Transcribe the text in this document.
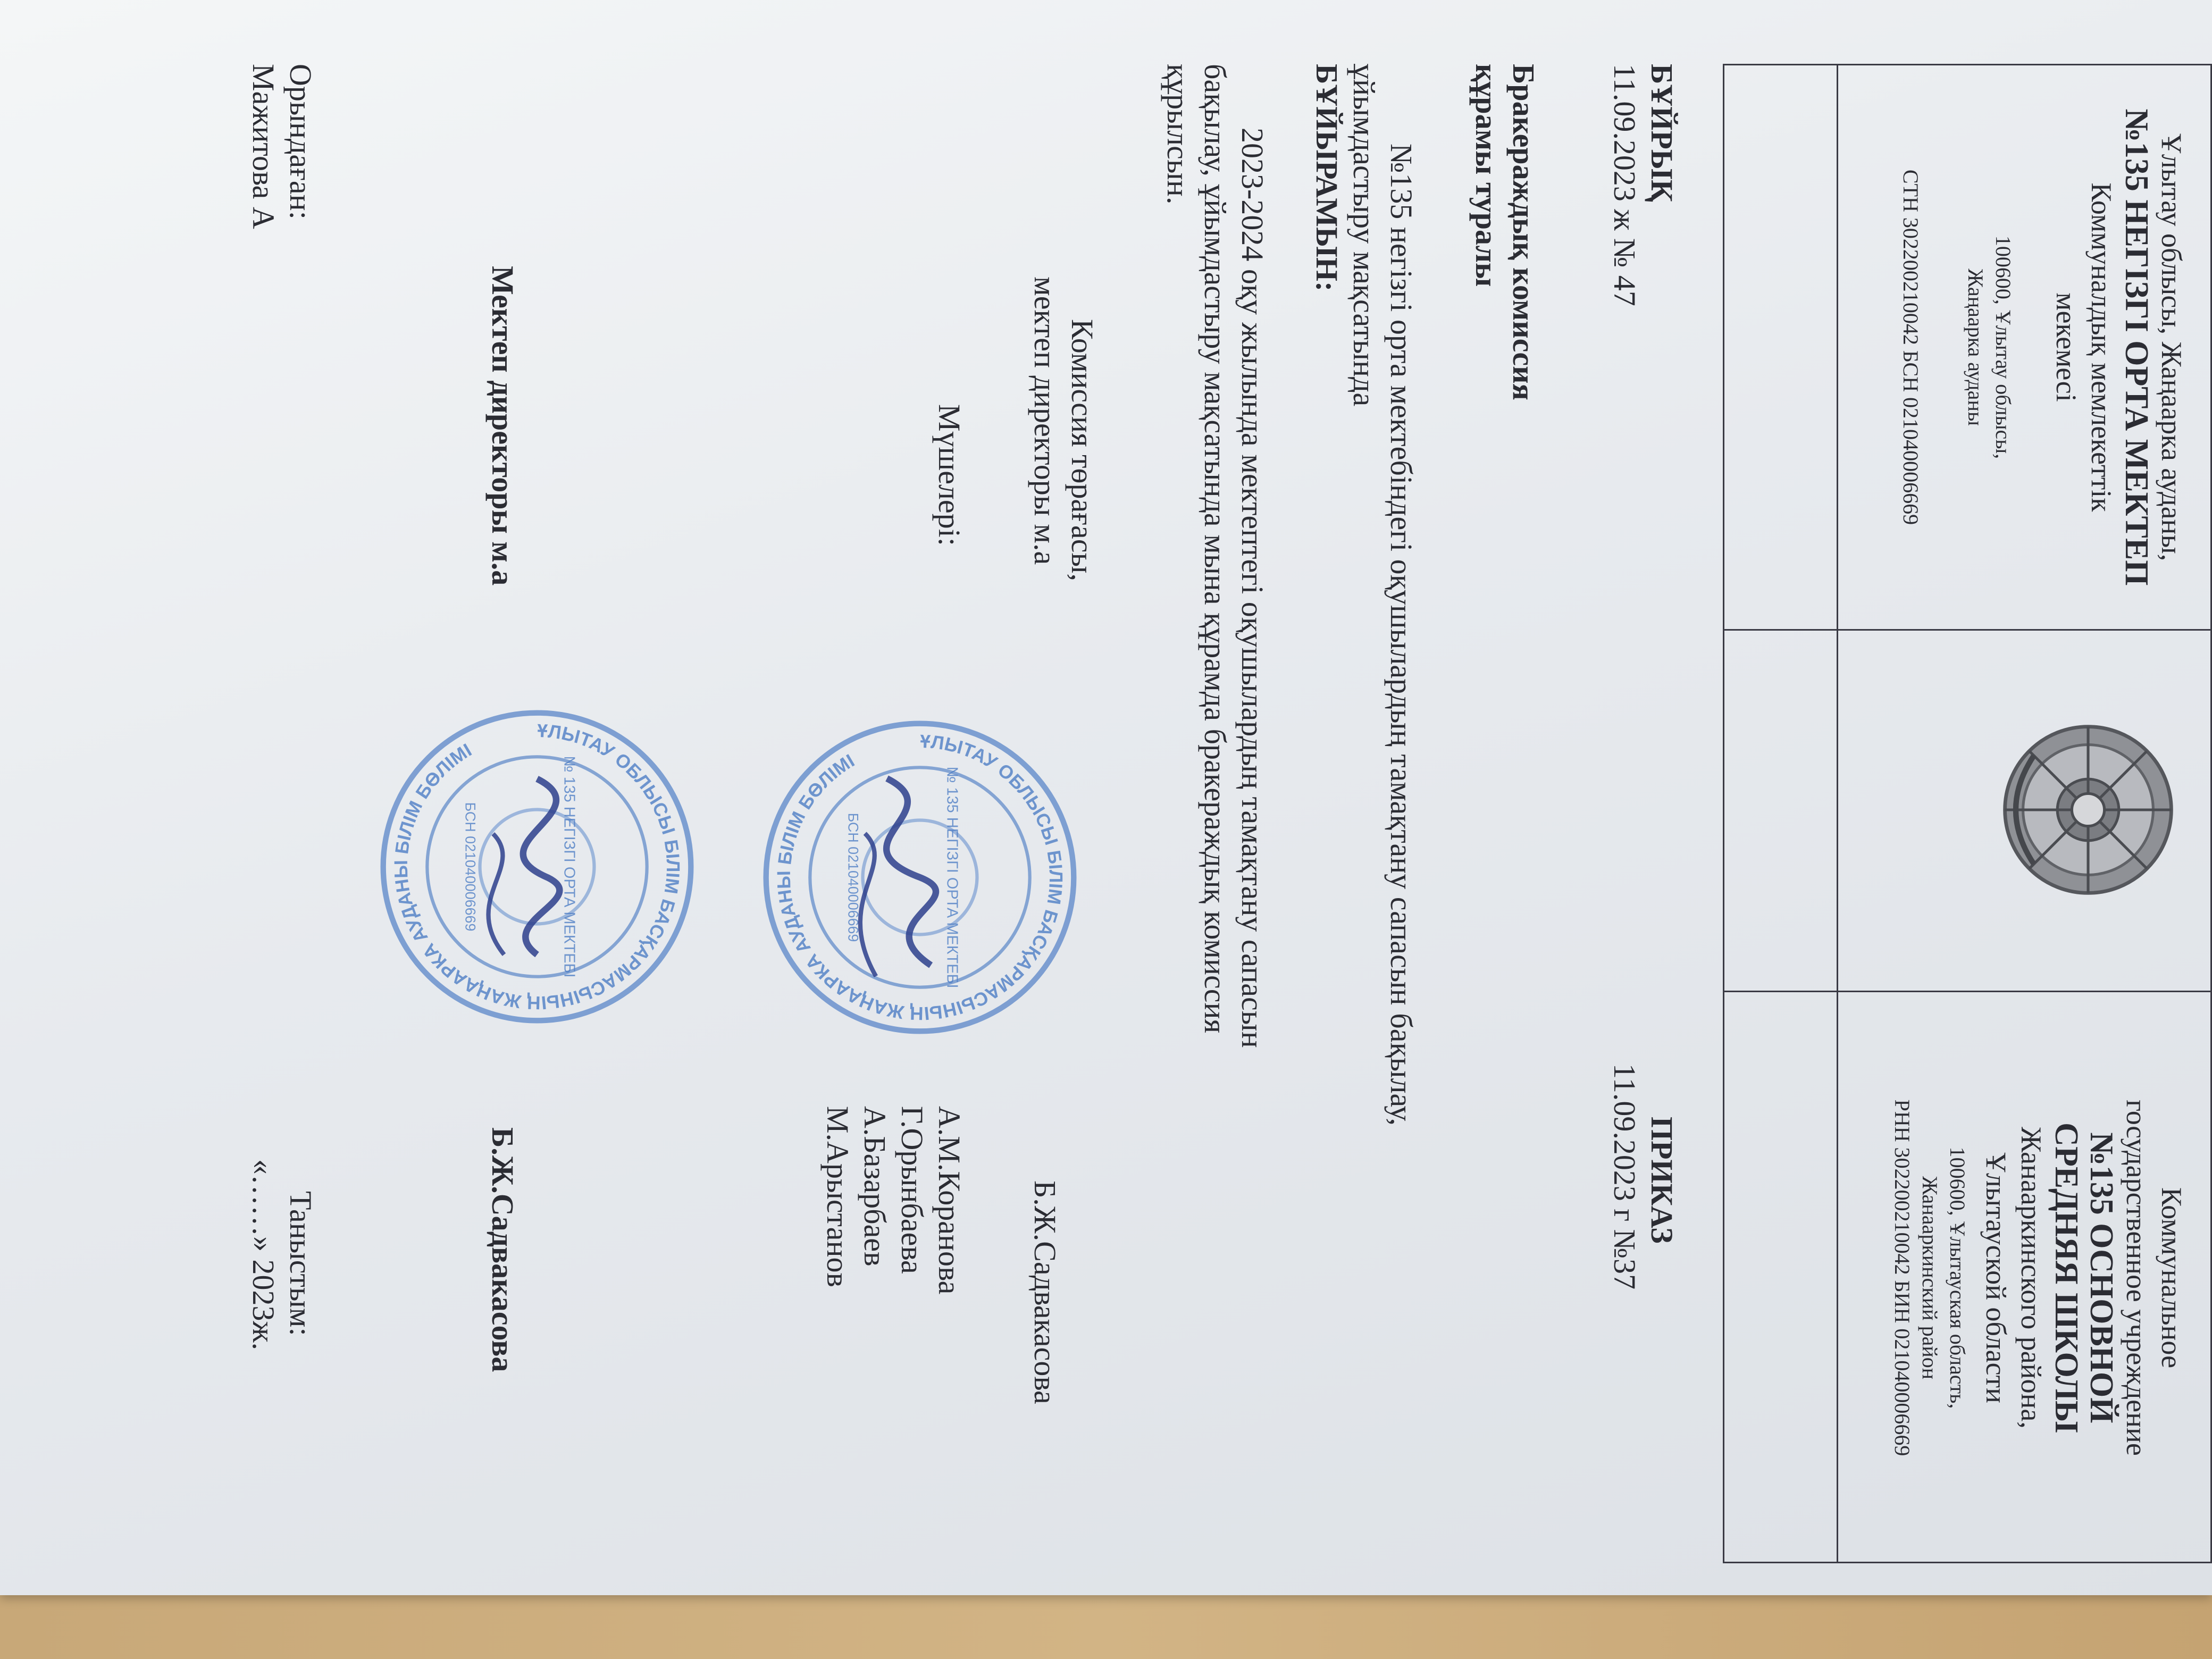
Ұлытау облысы, Жаңаарка ауданы,
№135 НЕГІЗГІ ОРТА МЕКТЕП
Коммуналдық мемлекеттік
мекемесі
100600, Ұлытау облысы,
Жаңаарка ауданы
СТН 302200210042 БСН 021040006669
Коммунальное
государственное учреждение
№135 ОСНОВНОЙ
СРЕДНЯЯ ШКОЛЫ
Жанааркинского района,
Ұлытауской области
100600, Ұлытауская область,
Жанааркинский район
РНН 302200210042 БИН 021040006669
БҰЙРЫҚ
11.09.2023 ж № 47
ПРИКАЗ
11.09.2023 г №37
Бракераждық комиссия
құрамы туралы
№135 негізгі орта мектебіндегі оқушылардың тамақтану сапасын бақылау,
ұйымдастыру мақсатында
БҰЙЫРАМЫН:
2023-2024 оқу жылында мектептегі оқушылардың тамақтану сапасын
бақылау, ұйымдастыру мақсатында мына құрамда бракераждық комиссия
құрылсын.
Комиссия төрағасы,
мектеп директоры м.а
Б.Ж.Садвакасова
Мүшелері:
А.М.Коранова
Г.Орынбаева
А.Базарбаев
М.Арыстанов
Мектеп директоры м.а
Б.Ж.Садвакасова
Орындаған:
Мажитова А
Таныстым:
«……» 2023ж.
ҰЛЫТАУ ОБЛЫСЫ БІЛІМ БАСҚАРМАСЫНЫҢ ЖАҢААРКА АУДАНЫ БІЛІМ БӨЛІМІ
№ 135 НЕГІЗГІ ОРТА МЕКТЕБІ
БСН 021040006669
ҰЛЫТАУ ОБЛЫСЫ БІЛІМ БАСҚАРМАСЫНЫҢ ЖАҢААРКА АУДАНЫ БІЛІМ БӨЛІМІ
№ 135 НЕГІЗГІ ОРТА МЕКТЕБІ
БСН 021040006669
